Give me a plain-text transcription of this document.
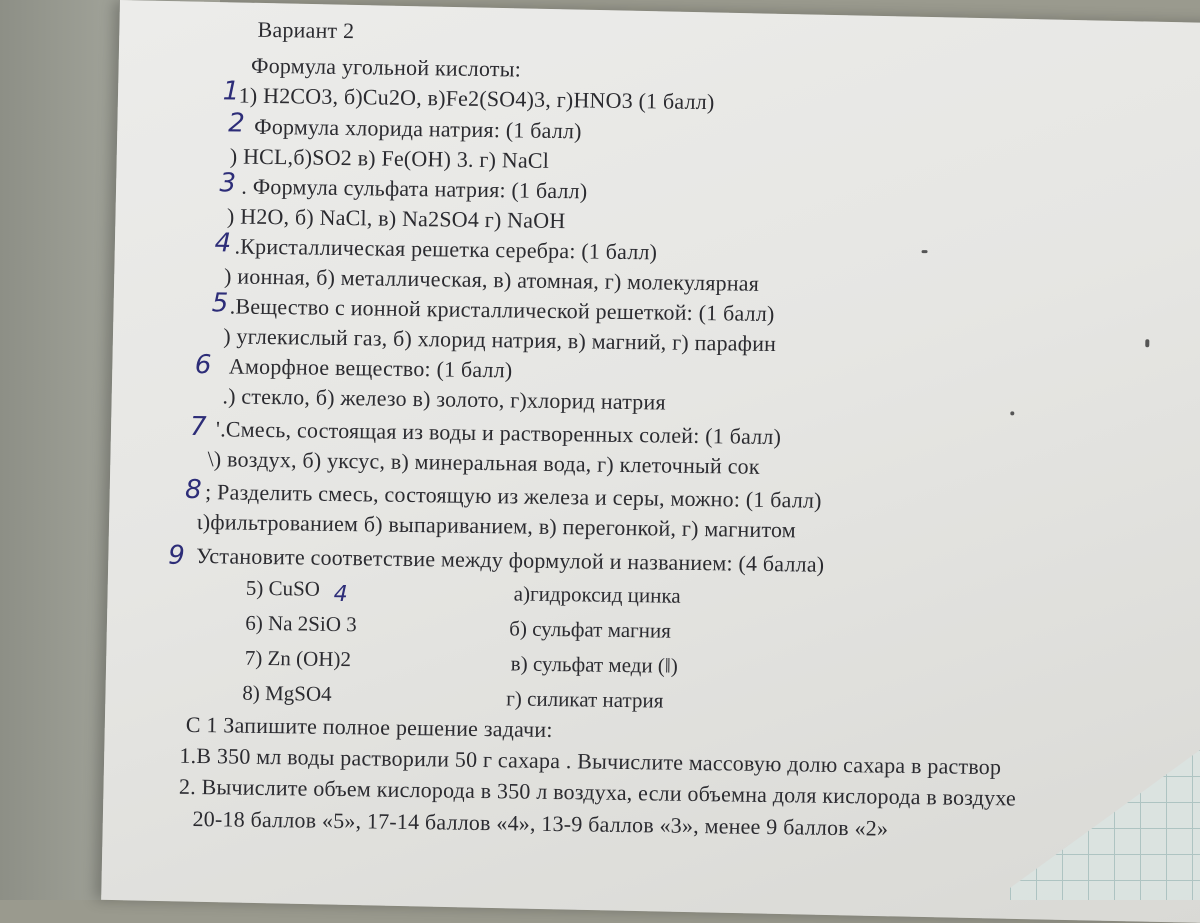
Вариант 2
Формула угольной кислоты:
1 1) H2CO3, б)Cu2O, в)Fe2(SO4)3, г)HNO3 (1 балл)
2 Формула хлорида натрия: (1 балл)
) HCL,б)SO2 в) Fe(OH) 3. г) NaCl
3 . Формула сульфата натрия: (1 балл)
) H2O, б) NaCl, в) Na2SO4 г) NaOH
4 .Кристаллическая решетка серебра: (1 балл)
) ионная, б) металлическая, в) атомная, г) молекулярная
5 .Вещество с ионной кристаллической решеткой: (1 балл)
) углекислый газ, б) хлорид натрия, в) магний, г) парафин
6 Аморфное вещество: (1 балл)
.) стекло, б) железо в) золото, г)хлорид натрия
7 '.Смесь, состоящая из воды и растворенных солей: (1 балл)
\) воздух, б) уксус, в) минеральная вода, г) клеточный сок
8 ; Разделить смесь, состоящую из железа и серы, можно: (1 балл)
ι)фильтрованием б) выпариванием, в) перегонкой, г) магнитом
9 Установите соответствие между формулой и названием: (4 балла)
5) CuSO 4
6) Na 2SiO 3
7) Zn (OH)2
8) MgSO4
а)гидроксид цинка
б) сульфат магния
в) сульфат меди (‖)
г) силикат натрия
С 1 Запишите полное решение задачи:
1.В 350 мл воды растворили 50 г сахара . Вычислите массовую долю сахара в раствор
2. Вычислите объем кислорода в 350 л воздуха, если объемна доля кислорода в воздухе
20-18 баллов «5», 17-14 баллов «4», 13-9 баллов «3», менее 9 баллов «2»
